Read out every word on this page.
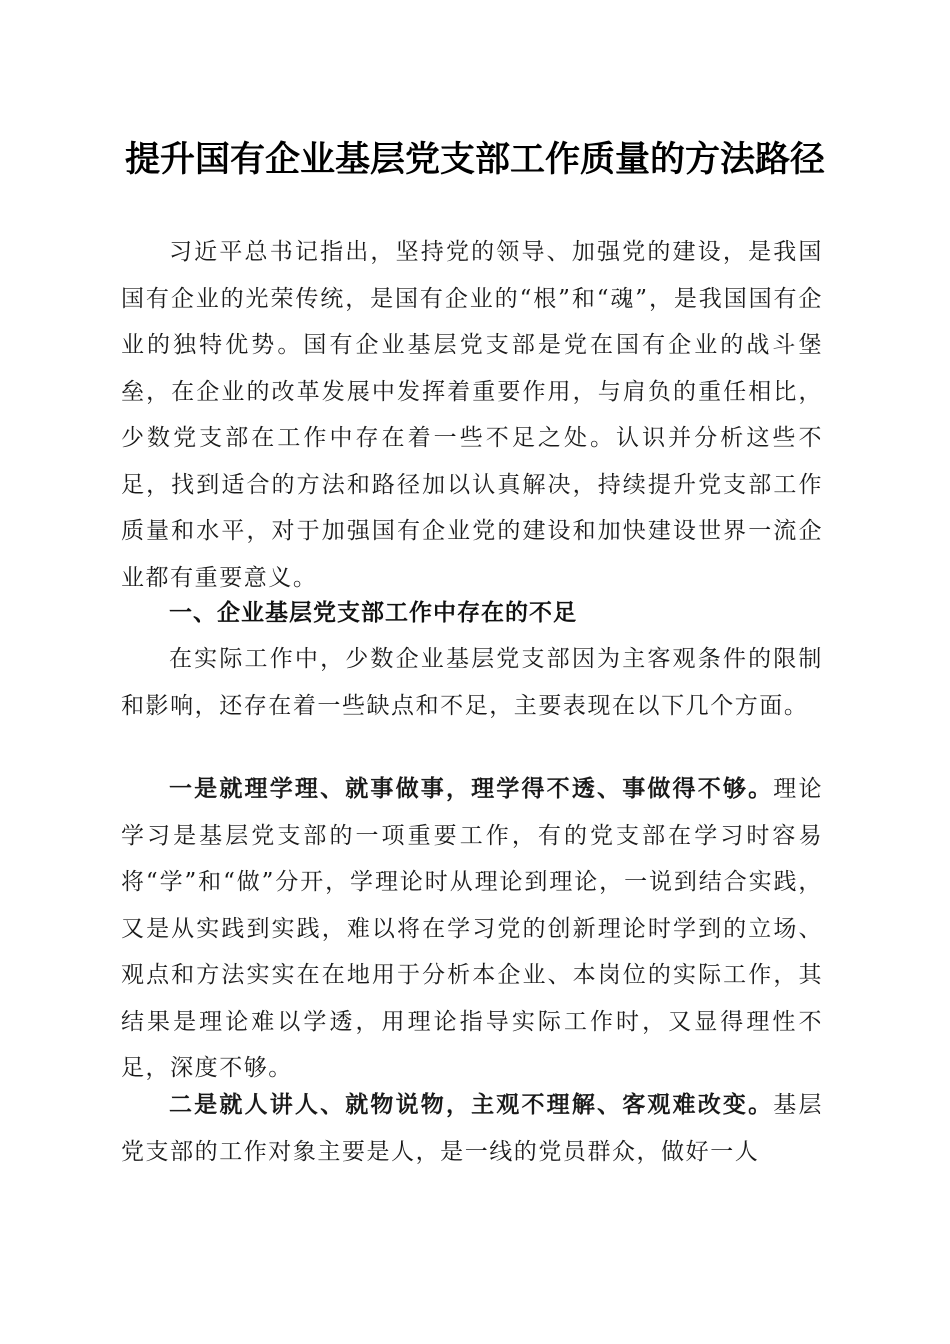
提升国有企业基层党支部工作质量的方法路径

习近平总书记指出，坚持党的领导、加强党的建设，是我国国有企业的光荣传统，是国有企业的“根”和“魂”，是我国国有企业的独特优势。国有企业基层党支部是党在国有企业的战斗堡垒，在企业的改革发展中发挥着重要作用，与肩负的重任相比，少数党支部在工作中存在着一些不足之处。认识并分析这些不足，找到适合的方法和路径加以认真解决，持续提升党支部工作质量和水平，对于加强国有企业党的建设和加快建设世界一流企业都有重要意义。

一、企业基层党支部工作中存在的不足

在实际工作中，少数企业基层党支部因为主客观条件的限制和影响，还存在着一些缺点和不足，主要表现在以下几个方面。

一是就理学理、就事做事，理学得不透、事做得不够。理论学习是基层党支部的一项重要工作，有的党支部在学习时容易将“学”和“做”分开，学理论时从理论到理论，一说到结合实践，又是从实践到实践，难以将在学习党的创新理论时学到的立场、观点和方法实实在在地用于分析本企业、本岗位的实际工作，其结果是理论难以学透，用理论指导实际工作时，又显得理性不足，深度不够。

二是就人讲人、就物说物，主观不理解、客观难改变。基层党支部的工作对象主要是人，是一线的党员群众，做好一人
